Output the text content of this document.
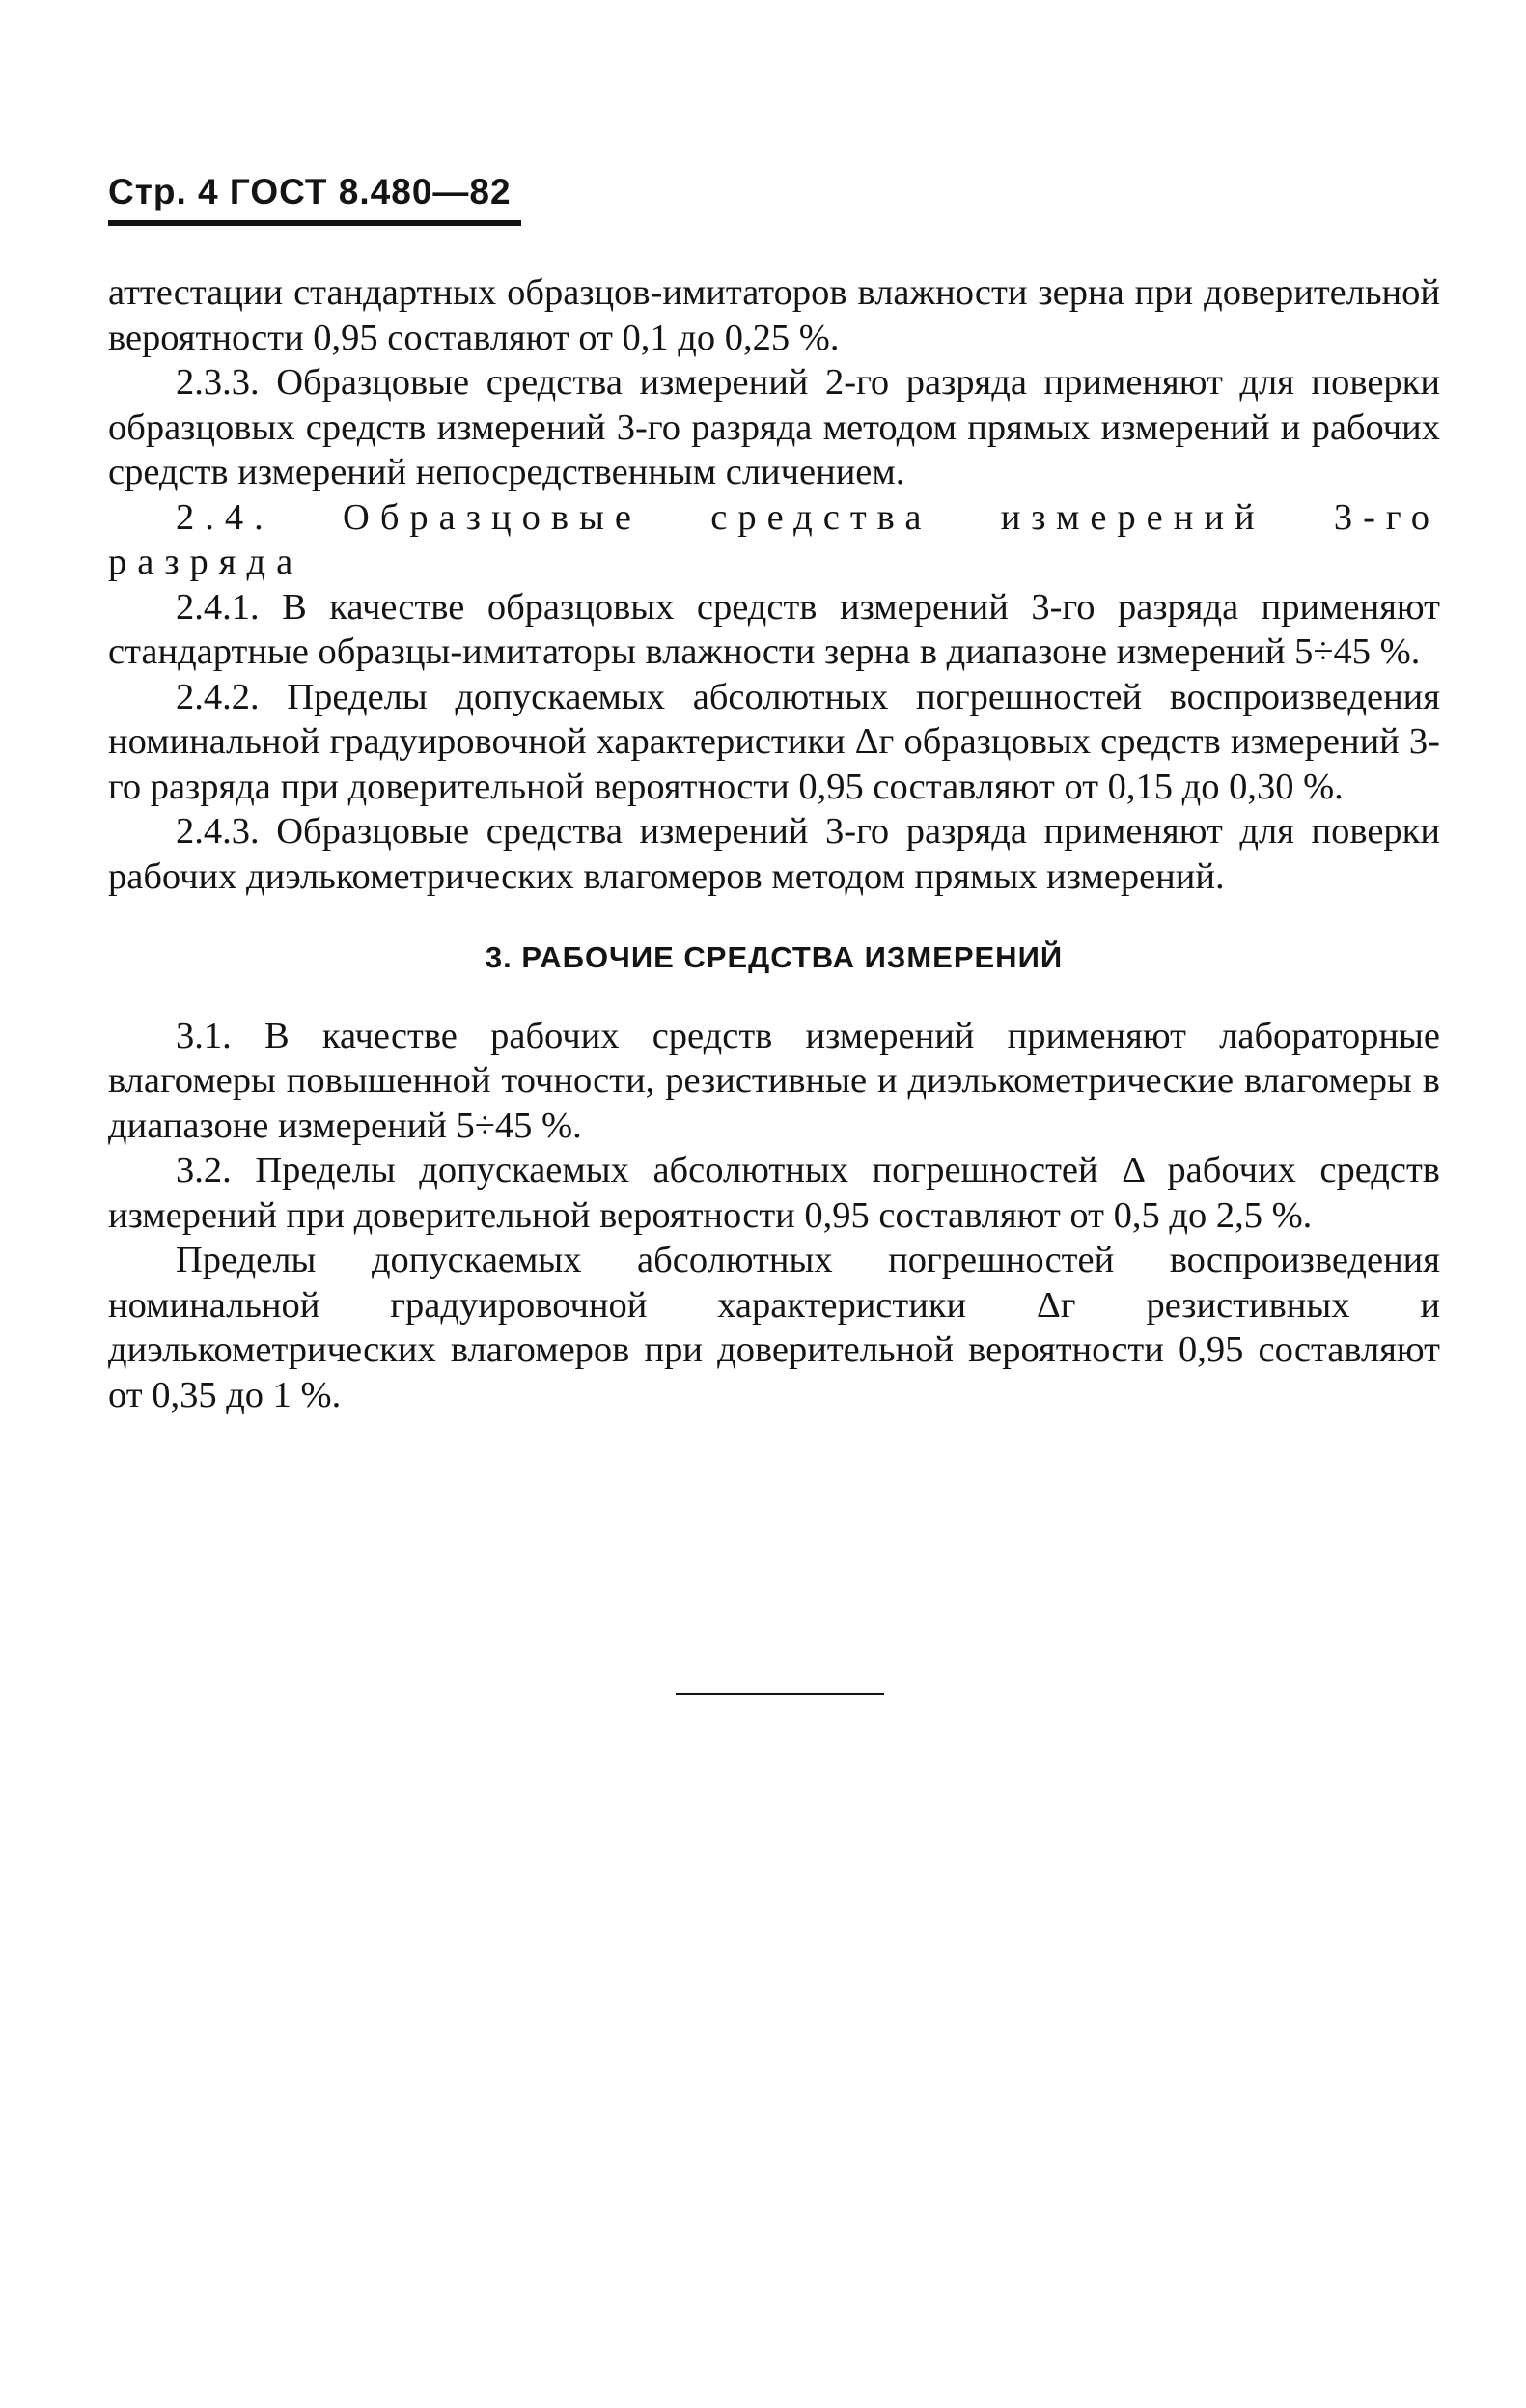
Стр. 4 ГОСТ 8.480—82

аттестации стандартных образцов-имитаторов влажности зерна при доверительной вероятности 0,95 составляют от 0,1 до 0,25 %.

2.3.3. Образцовые средства измерений 2-го разряда применяют для поверки образцовых средств измерений 3-го разряда методом прямых измерений и рабочих средств измерений непосредственным сличением.

2.4. Образцовые средства измерений 3-го разряда

2.4.1. В качестве образцовых средств измерений 3-го разряда применяют стандартные образцы-имитаторы влажности зерна в диапазоне измерений 5÷45 %.

2.4.2. Пределы допускаемых абсолютных погрешностей воспроизведения номинальной градуировочной характеристики Δг образцовых средств измерений 3-го разряда при доверительной вероятности 0,95 составляют от 0,15 до 0,30 %.

2.4.3. Образцовые средства измерений 3-го разряда применяют для поверки рабочих диэлькометрических влагомеров методом прямых измерений.

3. РАБОЧИЕ СРЕДСТВА ИЗМЕРЕНИЙ

3.1. В качестве рабочих средств измерений применяют лабораторные влагомеры повышенной точности, резистивные и диэлькометрические влагомеры в диапазоне измерений 5÷45 %.

3.2. Пределы допускаемых абсолютных погрешностей Δ рабочих средств измерений при доверительной вероятности 0,95 составляют от 0,5 до 2,5 %.

Пределы допускаемых абсолютных погрешностей воспроизведения номинальной градуировочной характеристики Δг резистивных и диэлькометрических влагомеров при доверительной вероятности 0,95 составляют от 0,35 до 1 %.
